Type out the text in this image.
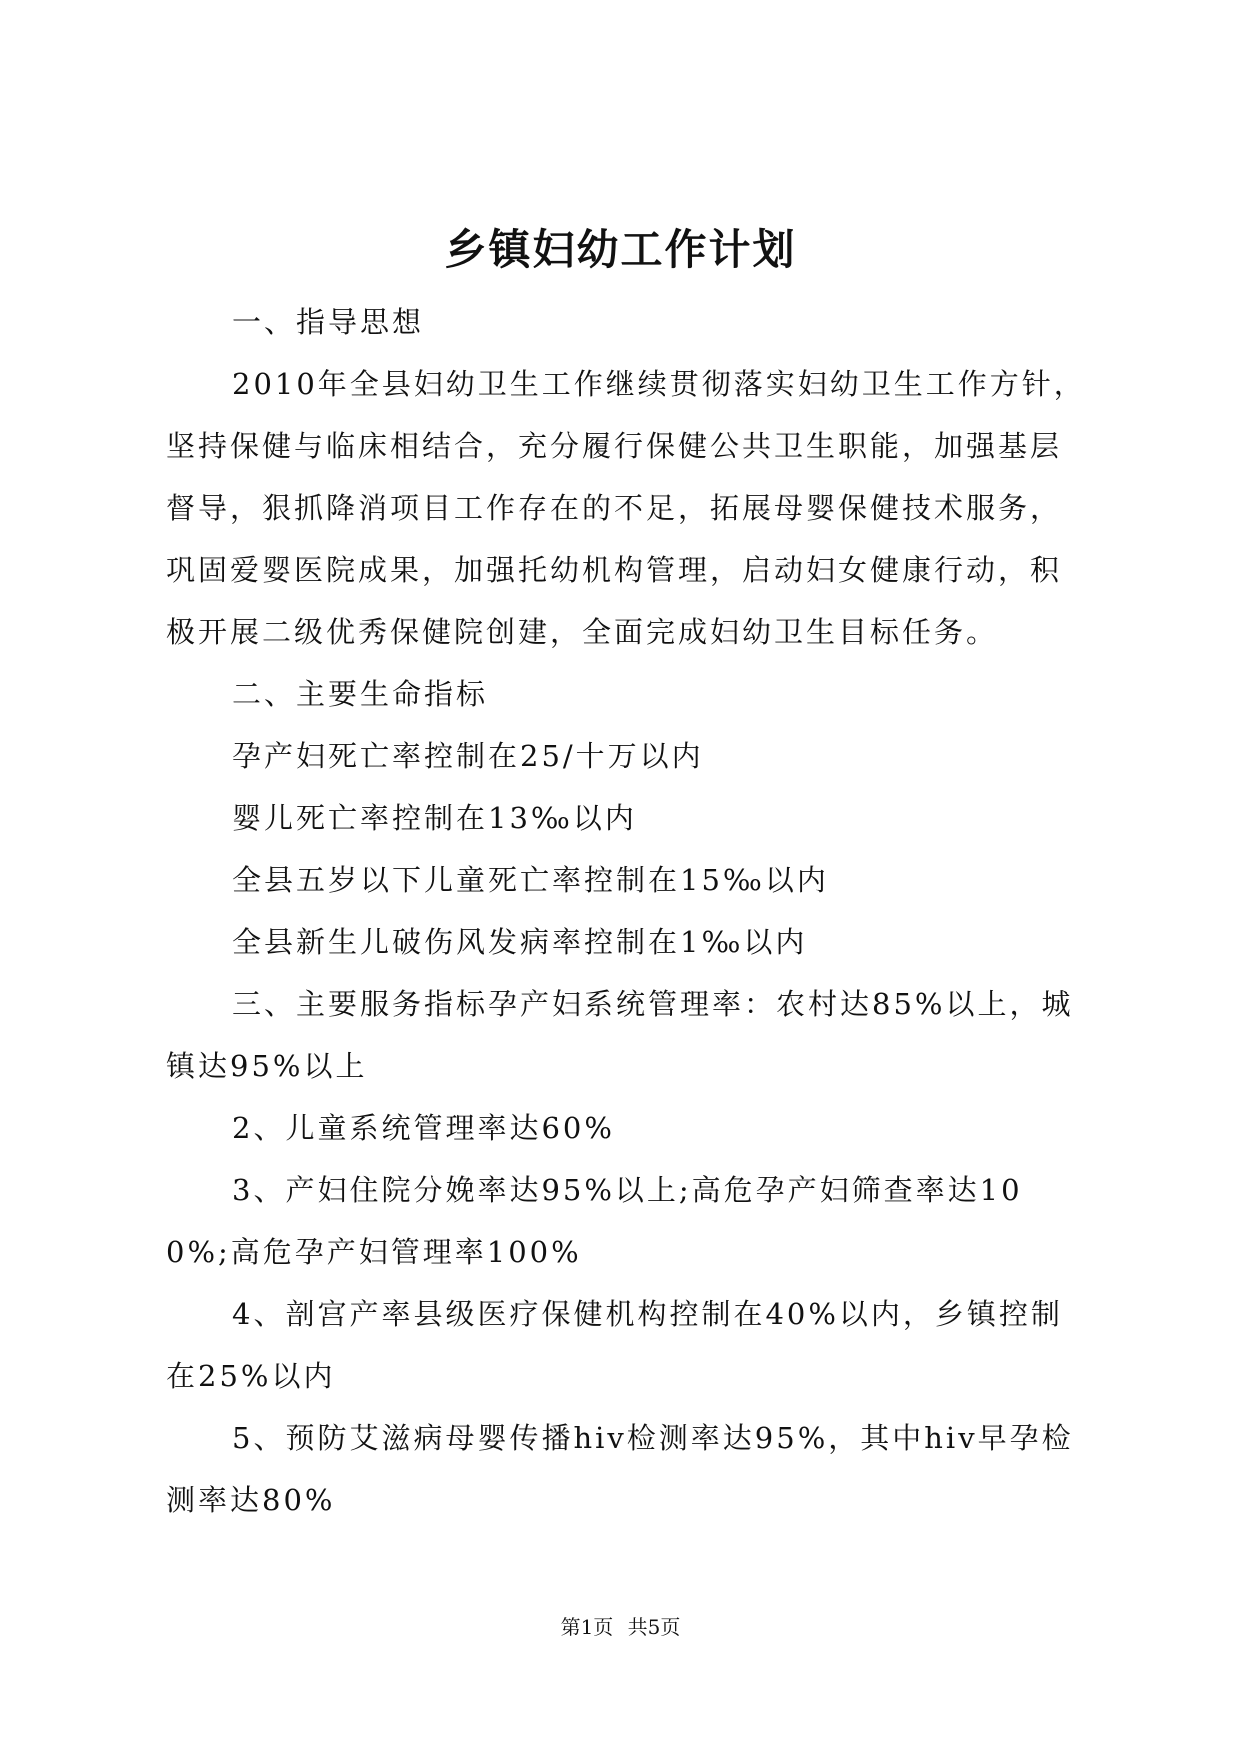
乡镇妇幼工作计划

一、指导思想

2010年全县妇幼卫生工作继续贯彻落实妇幼卫生工作方针，坚持保健与临床相结合，充分履行保健公共卫生职能，加强基层督导，狠抓降消项目工作存在的不足，拓展母婴保健技术服务，巩固爱婴医院成果，加强托幼机构管理，启动妇女健康行动，积极开展二级优秀保健院创建，全面完成妇幼卫生目标任务。

二、主要生命指标

孕产妇死亡率控制在25/十万以内

婴儿死亡率控制在13‰以内

全县五岁以下儿童死亡率控制在15‰以内

全县新生儿破伤风发病率控制在1‰以内

三、主要服务指标孕产妇系统管理率：农村达85%以上，城镇达95%以上

2、儿童系统管理率达60%

3、产妇住院分娩率达95%以上;高危孕产妇筛查率达100%;高危孕产妇管理率100%

4、剖宫产率县级医疗保健机构控制在40%以内，乡镇控制在25%以内

5、预防艾滋病母婴传播hiv检测率达95%，其中hiv早孕检测率达80%

第1页 共5页
